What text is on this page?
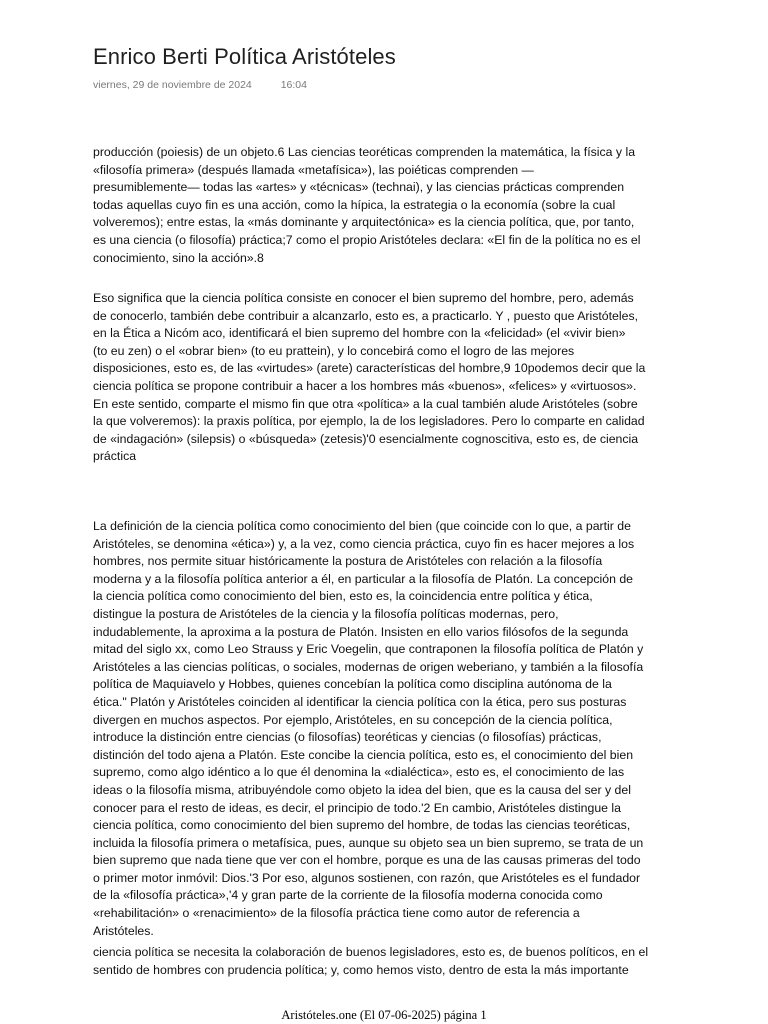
Enrico Berti Política Aristóteles
viernes, 29 de noviembre de 2024	16:04
producción (poiesis) de un objeto.6 Las ciencias teoréticas comprenden la matemática, la física y la
«filosofía primera» (después llamada «metafísica»), las poiéticas comprenden —
presumiblemente— todas las «artes» y «técnicas» (technai), y las ciencias prácticas comprenden
todas aquellas cuyo fin es una acción, como la hípica, la estrategia o la economía (sobre la cual
volveremos); entre estas, la «más dominante y arquitectónica» es la ciencia política, que, por tanto,
es una ciencia (o filosofía) práctica;7 como el propio Aristóteles declara: «El fin de la política no es el
conocimiento, sino la acción».8
Eso significa que la ciencia política consiste en conocer el bien supremo del hombre, pero, además
de conocerlo, también debe contribuir a alcanzarlo, esto es, a practicarlo. Y , puesto que Aristóteles,
en la Ética a Nicóm aco, identificará el bien supremo del hombre con la «felicidad» (el «vivir bien»
(to eu zen) o el «obrar bien» (to eu prattein), y lo concebirá como el logro de las mejores
disposiciones, esto es, de las «virtudes» (arete) características del hombre,9 10podemos decir que la
ciencia política se propone contribuir a hacer a los hombres más «buenos», «felices» y «virtuosos».
En este sentido, comparte el mismo fin que otra «política» a la cual también alude Aristóteles (sobre
la que volveremos): la praxis política, por ejemplo, la de los legisladores. Pero lo comparte en calidad
de «indagación» (silepsis) o «búsqueda» (zetesis)'0 esencialmente cognoscitiva, esto es, de ciencia
práctica
La definición de la ciencia política como conocimiento del bien (que coincide con lo que, a partir de
Aristóteles, se denomina «ética») y, a la vez, como ciencia práctica, cuyo fin es hacer mejores a los
hombres, nos permite situar históricamente la postura de Aristóteles con relación a la filosofía
moderna y a la filosofía política anterior a él, en particular a la filosofía de Platón. La concepción de
la ciencia política como conocimiento del bien, esto es, la coincidencia entre política y ética,
distingue la postura de Aristóteles de la ciencia y la filosofía políticas modernas, pero,
indudablemente, la aproxima a la postura de Platón. Insisten en ello varios filósofos de la segunda
mitad del siglo xx, como Leo Strauss y Eric Voegelin, que contraponen la filosofía política de Platón y
Aristóteles a las ciencias políticas, o sociales, modernas de origen weberiano, y también a la filosofía
política de Maquiavelo y Hobbes, quienes concebían la política como disciplina autónoma de la
ética." Platón y Aristóteles coinciden al identificar la ciencia política con la ética, pero sus posturas
divergen en muchos aspectos. Por ejemplo, Aristóteles, en su concepción de la ciencia política,
introduce la distinción entre ciencias (o filosofías) teoréticas y ciencias (o filosofías) prácticas,
distinción del todo ajena a Platón. Este concibe la ciencia política, esto es, el conocimiento del bien
supremo, como algo idéntico a lo que él denomina la «dialéctica», esto es, el conocimiento de las
ideas o la filosofía misma, atribuyéndole como objeto la idea del bien, que es la causa del ser y del
conocer para el resto de ideas, es decir, el principio de todo.'2 En cambio, Aristóteles distingue la
ciencia política, como conocimiento del bien supremo del hombre, de todas las ciencias teoréticas,
incluida la filosofía primera o metafísica, pues, aunque su objeto sea un bien supremo, se trata de un
bien supremo que nada tiene que ver con el hombre, porque es una de las causas primeras del todo
o primer motor inmóvil: Dios.'3 Por eso, algunos sostienen, con razón, que Aristóteles es el fundador
de la «filosofía práctica»,'4 y gran parte de la corriente de la filosofía moderna conocida como
«rehabilitación» o «renacimiento» de la filosofía práctica tiene como autor de referencia a
Aristóteles.
ciencia política se necesita la colaboración de buenos legisladores, esto es, de buenos políticos, en el
sentido de hombres con prudencia política; y, como hemos visto, dentro de esta la más importante
Aristóteles.one (El 07-06-2025) página 1
